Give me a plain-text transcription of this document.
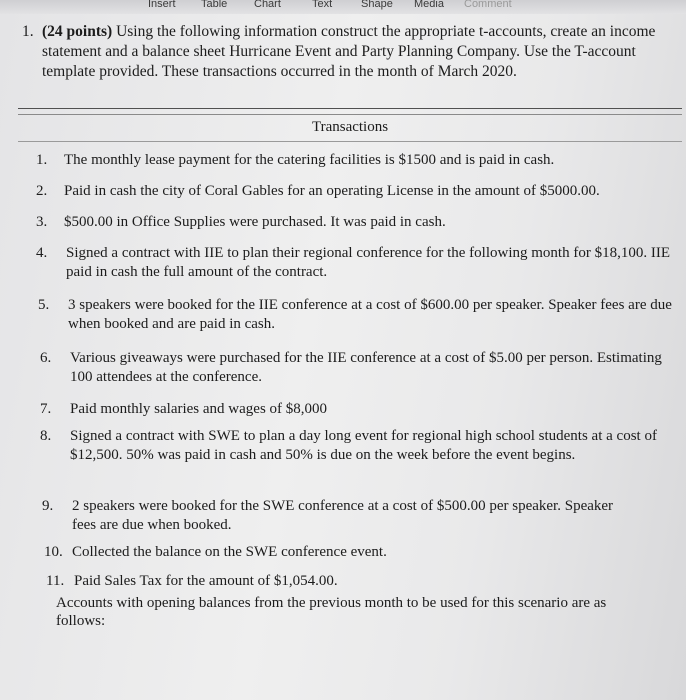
Insert Table Chart	Text	Shape Media Comment
1. (24 points) Using the following information construct the appropriate t-accounts, create an income statement and a balance sheet Hurricane Event and Party Planning Company. Use the T-account template provided. These transactions occurred in the month of March 2020.
Transactions
1. The monthly lease payment for the catering facilities is $1500 and is paid in cash.
2. Paid in cash the city of Coral Gables for an operating License in the amount of $5000.00.
3. $500.00 in Office Supplies were purchased. It was paid in cash.
4. Signed a contract with IIE to plan their regional conference for the following month for $18,100. IIE paid in cash the full amount of the contract.
5. 3 speakers were booked for the IIE conference at a cost of $600.00 per speaker. Speaker fees are due when booked and are paid in cash.
6. Various giveaways were purchased for the IIE conference at a cost of $5.00 per person. Estimating 100 attendees at the conference.
7. Paid monthly salaries and wages of $8,000
8. Signed a contract with SWE to plan a day long event for regional high school students at a cost of $12,500. 50% was paid in cash and 50% is due on the week before the event begins.
9. 2 speakers were booked for the SWE conference at a cost of $500.00 per speaker. Speaker fees are due when booked.
10. Collected the balance on the SWE conference event.
11. Paid Sales Tax for the amount of $1,054.00.
Accounts with opening balances from the previous month to be used for this scenario are as follows:
